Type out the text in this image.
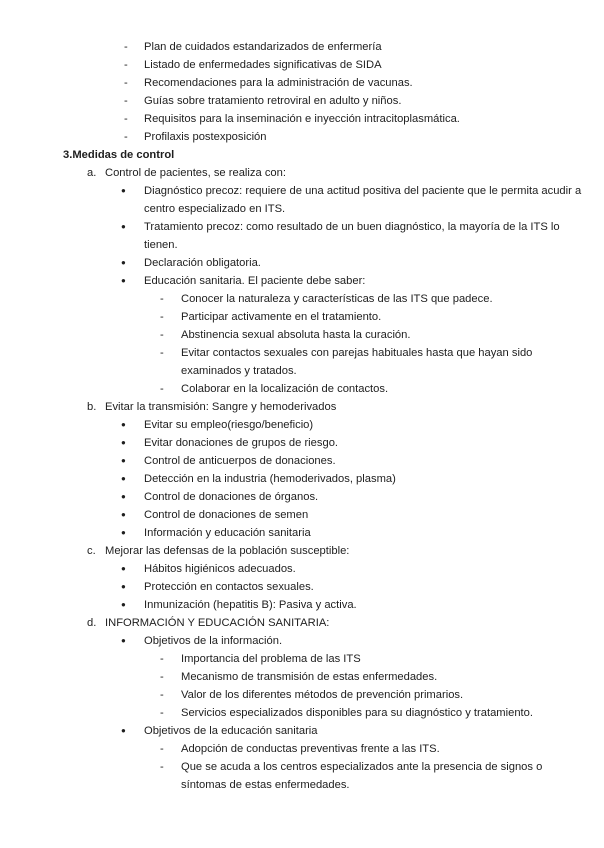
- Plan de cuidados estandarizados de enfermería
- Listado de enfermedades significativas de SIDA
- Recomendaciones para la administración de vacunas.
- Guías sobre tratamiento retroviral en adulto y niños.
- Requisitos para la inseminación e inyección intracitoplasmática.
- Profilaxis postexposición
3.Medidas de control
a. Control de pacientes, se realiza con:
● Diagnóstico precoz: requiere de una actitud positiva del paciente que le permita acudir a centro especializado en ITS.
● Tratamiento precoz: como resultado de un buen diagnóstico, la mayoría de la ITS lo tienen.
● Declaración obligatoria.
● Educación sanitaria. El paciente debe saber:
- Conocer la naturaleza y características de las ITS que padece.
- Participar activamente en el tratamiento.
- Abstinencia sexual absoluta hasta la curación.
- Evitar contactos sexuales con parejas habituales hasta que hayan sido examinados y tratados.
- Colaborar en la localización de contactos.
b. Evitar la transmisión: Sangre y hemoderivados
● Evitar su empleo(riesgo/beneficio)
● Evitar donaciones de grupos de riesgo.
● Control de anticuerpos de donaciones.
● Detección en la industria (hemoderivados, plasma)
● Control de donaciones de órganos.
● Control de donaciones de semen
● Información y educación sanitaria
c. Mejorar las defensas de la población susceptible:
● Hábitos higiénicos adecuados.
● Protección en contactos sexuales.
● Inmunización (hepatitis B): Pasiva y activa.
d. INFORMACIÓN Y EDUCACIÓN SANITARIA:
● Objetivos de la información.
- Importancia del problema de las ITS
- Mecanismo de transmisión de estas enfermedades.
- Valor de los diferentes métodos de prevención primarios.
- Servicios especializados disponibles para su diagnóstico y tratamiento.
● Objetivos de la educación sanitaria
- Adopción de conductas preventivas frente a las ITS.
- Que se acuda a los centros especializados ante la presencia de signos o síntomas de estas enfermedades.
